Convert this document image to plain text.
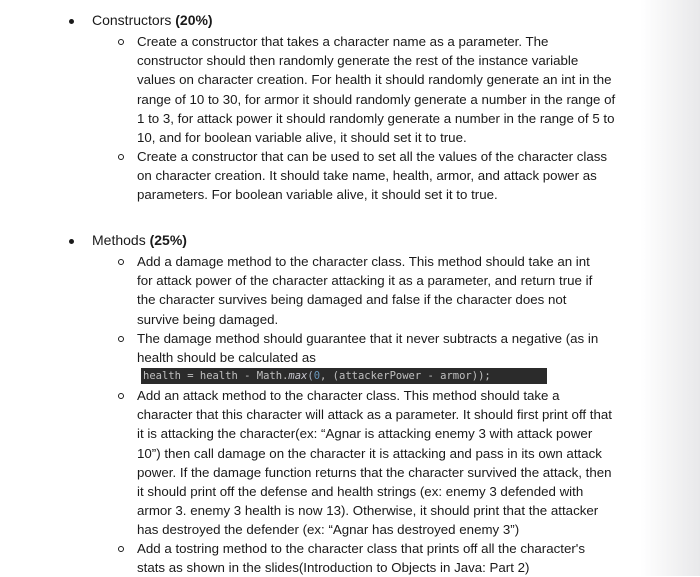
Constructors (20%)
Create a constructor that takes a character name as a parameter. The
constructor should then randomly generate the rest of the instance variable
values on character creation. For health it should randomly generate an int in the
range of 10 to 30, for armor it should randomly generate a number in the range of
1 to 3, for attack power it should randomly generate a number in the range of 5 to
10, and for boolean variable alive, it should set it to true.
Create a constructor that can be used to set all the values of the character class
on character creation. It should take name, health, armor, and attack power as
parameters. For boolean variable alive, it should set it to true.
Methods (25%)
Add a damage method to the character class. This method should take an int
for attack power of the character attacking it as a parameter, and return true if
the character survives being damaged and false if the character does not
survive being damaged.
The damage method should guarantee that it never subtracts a negative (as in
health should be calculated as
health = health - Math.max(0, (attackerPower - armor));
Add an attack method to the character class. This method should take a
character that this character will attack as a parameter. It should first print off that
it is attacking the character(ex: “Agnar is attacking enemy 3 with attack power
10”) then call damage on the character it is attacking and pass in its own attack
power. If the damage function returns that the character survived the attack, then
it should print off the defense and health strings (ex: enemy 3 defended with
armor 3. enemy 3 health is now 13). Otherwise, it should print that the attacker
has destroyed the defender (ex: “Agnar has destroyed enemy 3”)
Add a tostring method to the character class that prints off all the character's
stats as shown in the slides(Introduction to Objects in Java: Part 2)
